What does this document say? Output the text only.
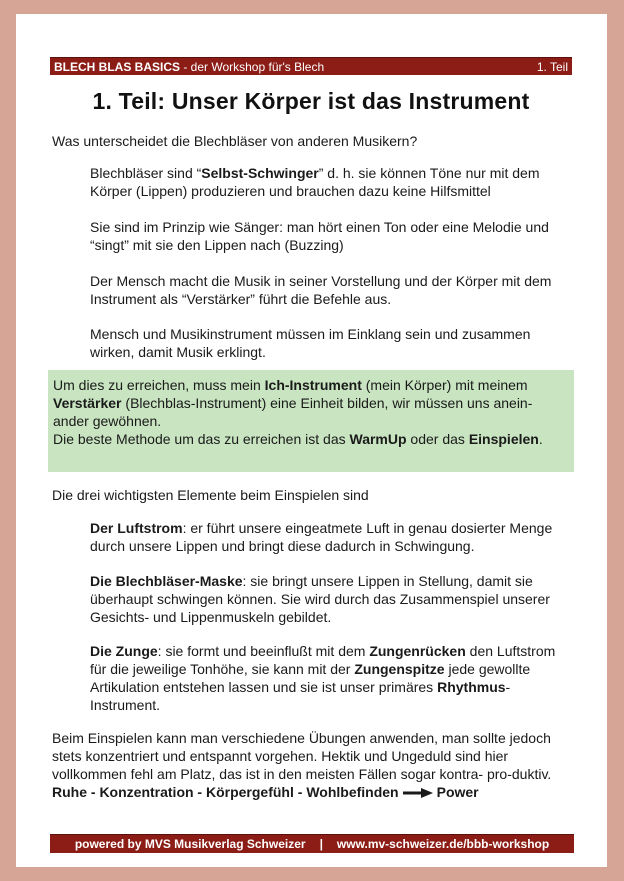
BLECH BLAS BASICS - der Workshop für's Blech	1. Teil
1. Teil: Unser Körper ist das Instrument

Was unterscheidet die Blechbläser von anderen Musikern?

Blechbläser sind “Selbst-Schwinger” d. h. sie können Töne nur mit dem Körper (Lippen) produzieren und brauchen dazu keine Hilfsmittel

Sie sind im Prinzip wie Sänger: man hört einen Ton oder eine Melodie und “singt” mit sie den Lippen nach (Buzzing)

Der Mensch macht die Musik in seiner Vorstellung und der Körper mit dem Instrument als “Verstärker” führt die Befehle aus.

Mensch und Musikinstrument müssen im Einklang sein und zusammen wirken, damit Musik erklingt.

Um dies zu erreichen, muss mein Ich-Instrument (mein Körper) mit meinem Verstärker (Blechblas-Instrument) eine Einheit bilden, wir müssen uns anein-ander gewöhnen.
Die beste Methode um das zu erreichen ist das WarmUp oder das Einspielen.

Die drei wichtigsten Elemente beim Einspielen sind

Der Luftstrom: er führt unsere eingeatmete Luft in genau dosierter Menge durch unsere Lippen und bringt diese dadurch in Schwingung.

Die Blechbläser-Maske: sie bringt unsere Lippen in Stellung, damit sie überhaupt schwingen können. Sie wird durch das Zusammenspiel unserer Gesichts- und Lippenmuskeln gebildet.

Die Zunge: sie formt und beeinflußt mit dem Zungenrücken den Luftstrom für die jeweilige Tonhöhe, sie kann mit der Zungenspitze jede gewollte Artikulation entstehen lassen und sie ist unser primäres Rhythmus-Instrument.

Beim Einspielen kann man verschiedene Übungen anwenden, man sollte jedoch stets konzentriert und entspannt vorgehen. Hektik und Ungeduld sind hier vollkommen fehl am Platz, das ist in den meisten Fällen sogar kontra- pro-duktiv. Ruhe - Konzentration - Körpergefühl - Wohlbefinden	Power

powered by MVS Musikverlag Schweizer | www.mv-schweizer.de/bbb-workshop
